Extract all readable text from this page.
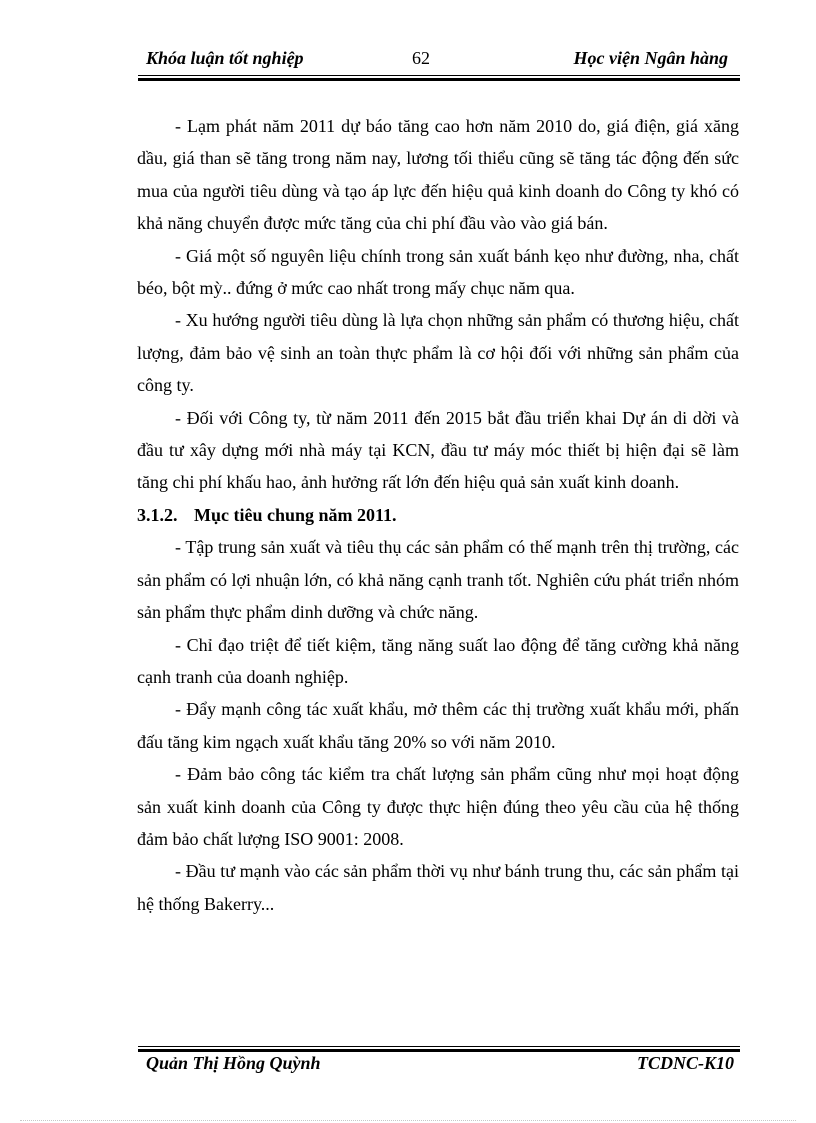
Khóa luận tốt nghiệp	62	Học viện Ngân hàng

- Lạm phát năm 2011 dự báo tăng cao hơn năm 2010 do, giá điện, giá xăng dầu, giá than sẽ tăng trong năm nay, lương tối thiểu cũng sẽ tăng tác động đến sức mua của người tiêu dùng và tạo áp lực đến hiệu quả kinh doanh do Công ty khó có khả năng chuyển được mức tăng của chi phí đầu vào vào giá bán.

- Giá một số nguyên liệu chính trong sản xuất bánh kẹo như đường, nha, chất béo, bột mỳ.. đứng ở mức cao nhất trong mấy chục năm qua.

- Xu hướng người tiêu dùng là lựa chọn những sản phẩm có thương hiệu, chất lượng, đảm bảo vệ sinh an toàn thực phẩm là cơ hội đối với những sản phẩm của công ty.

- Đối với Công ty, từ năm 2011 đến 2015 bắt đầu triển khai Dự án di dời và đầu tư xây dựng mới nhà máy tại KCN, đầu tư máy móc thiết bị hiện đại sẽ làm tăng chi phí khấu hao, ảnh hưởng rất lớn đến hiệu quả sản xuất kinh doanh.

3.1.2. Mục tiêu chung năm 2011.

- Tập trung sản xuất và tiêu thụ các sản phẩm có thế mạnh trên thị trường, các sản phẩm có lợi nhuận lớn, có khả năng cạnh tranh tốt. Nghiên cứu phát triển nhóm sản phẩm thực phẩm dinh dưỡng và chức năng.

- Chỉ đạo triệt để tiết kiệm, tăng năng suất lao động để tăng cường khả năng cạnh tranh của doanh nghiệp.

- Đẩy mạnh công tác xuất khẩu, mở thêm các thị trường xuất khẩu mới, phấn đấu tăng kim ngạch xuất khẩu tăng 20% so với năm 2010.

- Đảm bảo công tác kiểm tra chất lượng sản phẩm cũng như mọi hoạt động sản xuất kinh doanh của Công ty được thực hiện đúng theo yêu cầu của hệ thống đảm bảo chất lượng ISO 9001: 2008.

- Đầu tư mạnh vào các sản phẩm thời vụ như bánh trung thu, các sản phẩm tại hệ thống Bakerry...

Quản Thị Hồng Quỳnh	TCDNC-K10
